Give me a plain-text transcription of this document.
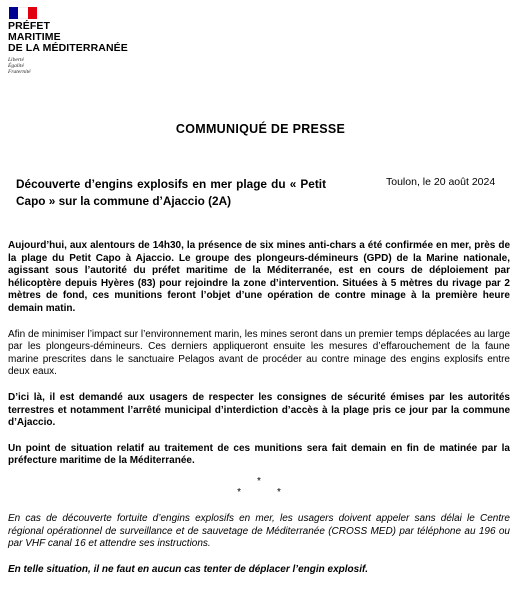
PRÉFET
MARITIME
DE LA MÉDITERRANÉE
Liberté
Égalité
Fraternité
COMMUNIQUÉ DE PRESSE
Découverte d’engins explosifs en mer plage du « Petit Capo » sur la commune d’Ajaccio (2A)
Toulon, le 20 août 2024

Aujourd’hui, aux alentours de 14h30, la présence de six mines anti-chars a été confirmée en mer, près de la plage du Petit Capo à Ajaccio. Le groupe des plongeurs-démineurs (GPD) de la Marine nationale, agissant sous l’autorité du préfet maritime de la Méditerranée, est en cours de déploiement par hélicoptère depuis Hyères (83) pour rejoindre la zone d’intervention. Situées à 5 mètres du rivage par 2 mètres de fond, ces munitions feront l’objet d’une opération de contre minage à la première heure demain matin.

Afin de minimiser l’impact sur l’environnement marin, les mines seront dans un premier temps déplacées au large par les plongeurs-démineurs. Ces derniers appliqueront ensuite les mesures d’effarouchement de la faune marine prescrites dans le sanctuaire Pelagos avant de procéder au contre minage des engins explosifs entre deux eaux.

D’ici là, il est demandé aux usagers de respecter les consignes de sécurité émises par les autorités terrestres et notamment l’arrêté municipal d’interdiction d’accès à la plage pris ce jour par la commune d’Ajaccio.

Un point de situation relatif au traitement de ces munitions sera fait demain en fin de matinée par la préfecture maritime de la Méditerranée.

*
*	*

En cas de découverte fortuite d’engins explosifs en mer, les usagers doivent appeler sans délai le Centre régional opérationnel de surveillance et de sauvetage de Méditerranée (CROSS MED) par téléphone au 196 ou par VHF canal 16 et attendre ses instructions.

En telle situation, il ne faut en aucun cas tenter de déplacer l’engin explosif.
